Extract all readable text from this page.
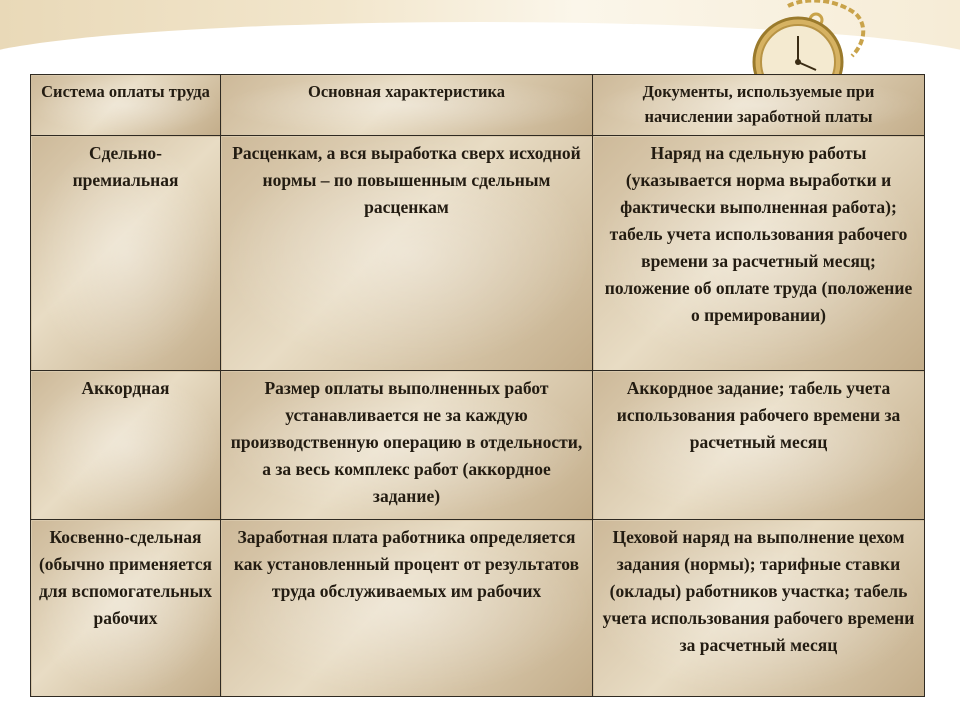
Система оплаты труда	Основная характеристика	Документы, используемые при начислении заработной платы
Сдельно-премиальная	Расценкам, а вся выработка сверх исходной нормы – по повышенным сдельным расценкам	Наряд на сдельную работы (указывается норма выработки и фактически выполненная работа); табель учета использования рабочего времени за расчетный месяц; положение об оплате труда (положение о премировании)
Аккордная	Размер оплаты выполненных работ устанавливается не за каждую производственную операцию в отдельности, а за весь комплекс работ (аккордное задание)	Аккордное задание; табель учета использования рабочего времени за расчетный месяц
Косвенно-сдельная (обычно применяется для вспомогательных рабочих	Заработная плата работника определяется как установленный процент от результатов труда обслуживаемых им рабочих	Цеховой наряд на выполнение цехом задания (нормы); тарифные ставки (оклады) работников участка; табель учета использования рабочего времени за расчетный месяц
